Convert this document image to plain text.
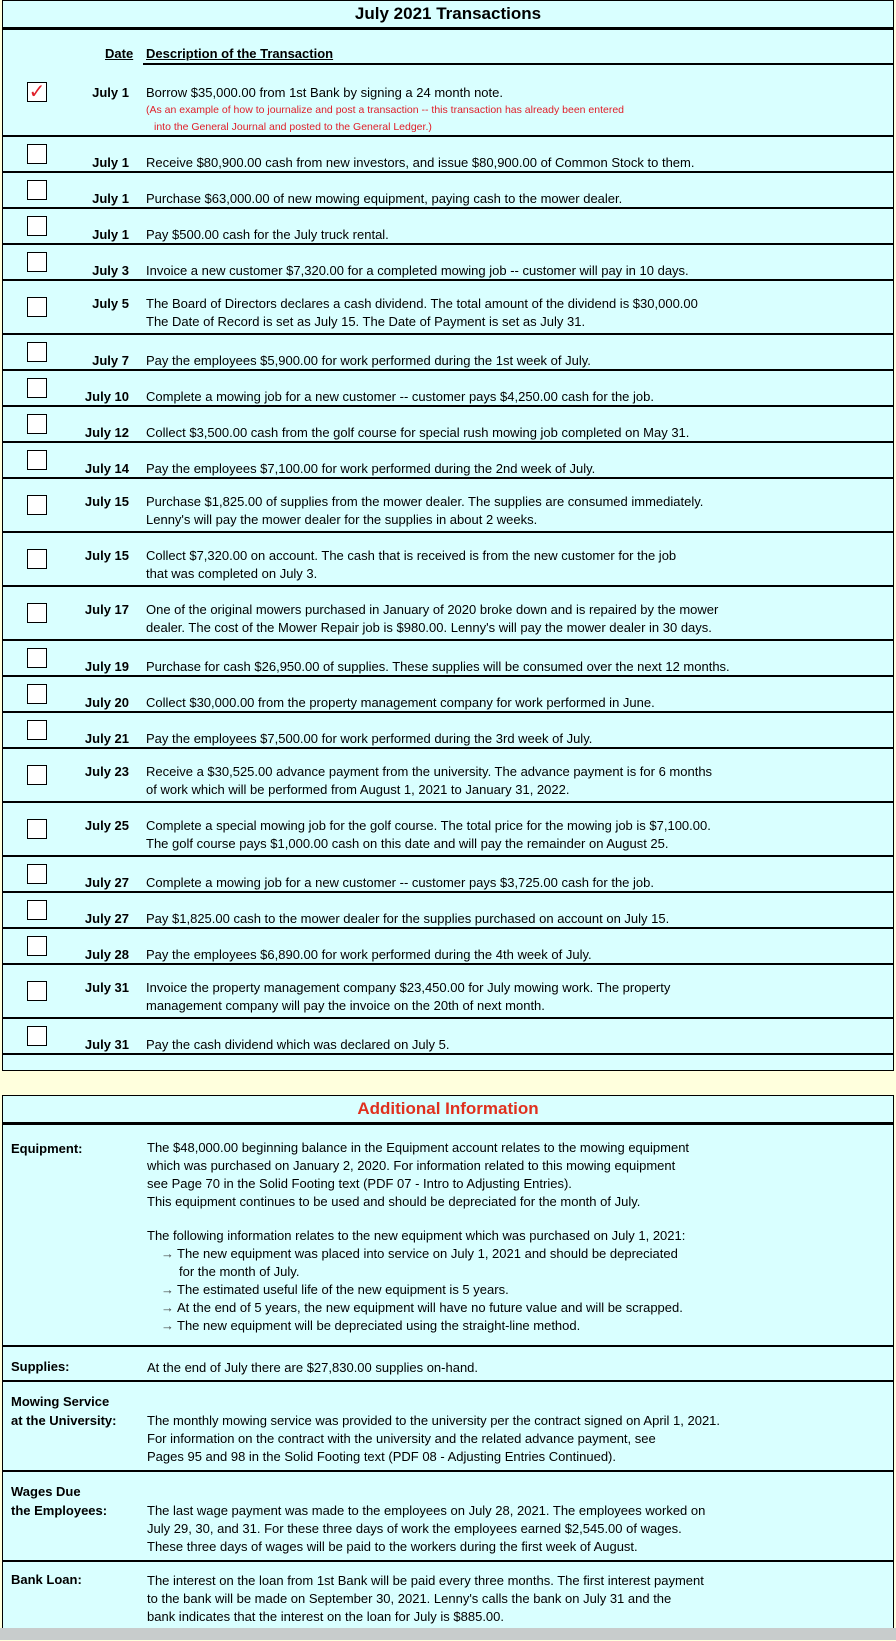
July 2021 Transactions
Date Description of the Transaction
✓	July 1 Borrow $35,000.00 from 1st Bank by signing a 24 month note.
(As an example of how to journalize and post a transaction -- this transaction has already been entered
into the General Journal and posted to the General Ledger.)
July 1 Receive $80,900.00 cash from new investors, and issue $80,900.00 of Common Stock to them.
July 1 Purchase $63,000.00 of new mowing equipment, paying cash to the mower dealer.
July 1 Pay $500.00 cash for the July truck rental.
July 3 Invoice a new customer $7,320.00 for a completed mowing job -- customer will pay in 10 days.
July 5 The Board of Directors declares a cash dividend. The total amount of the dividend is $30,000.00
The Date of Record is set as July 15. The Date of Payment is set as July 31.
July 7 Pay the employees $5,900.00 for work performed during the 1st week of July.
July 10 Complete a mowing job for a new customer -- customer pays $4,250.00 cash for the job.
July 12 Collect $3,500.00 cash from the golf course for special rush mowing job completed on May 31.
July 14 Pay the employees $7,100.00 for work performed during the 2nd week of July.
July 15 Purchase $1,825.00 of supplies from the mower dealer. The supplies are consumed immediately.
Lenny's will pay the mower dealer for the supplies in about 2 weeks.
July 15 Collect $7,320.00 on account. The cash that is received is from the new customer for the job
that was completed on July 3.
July 17 One of the original mowers purchased in January of 2020 broke down and is repaired by the mower
dealer. The cost of the Mower Repair job is $980.00. Lenny's will pay the mower dealer in 30 days.
July 19 Purchase for cash $26,950.00 of supplies. These supplies will be consumed over the next 12 months.
July 20 Collect $30,000.00 from the property management company for work performed in June.
July 21 Pay the employees $7,500.00 for work performed during the 3rd week of July.
July 23 Receive a $30,525.00 advance payment from the university. The advance payment is for 6 months
of work which will be performed from August 1, 2021 to January 31, 2022.
July 25 Complete a special mowing job for the golf course. The total price for the mowing job is $7,100.00.
The golf course pays $1,000.00 cash on this date and will pay the remainder on August 25.
July 27 Complete a mowing job for a new customer -- customer pays $3,725.00 cash for the job.
July 27 Pay $1,825.00 cash to the mower dealer for the supplies purchased on account on July 15.
July 28 Pay the employees $6,890.00 for work performed during the 4th week of July.
July 31 Invoice the property management company $23,450.00 for July mowing work. The property
management company will pay the invoice on the 20th of next month.
July 31 Pay the cash dividend which was declared on July 5.
Additional Information
Equipment:	The $48,000.00 beginning balance in the Equipment account relates to the mowing equipment
which was purchased on January 2, 2020. For information related to this mowing equipment
see Page 70 in the Solid Footing text (PDF 07 - Intro to Adjusting Entries).
This equipment continues to be used and should be depreciated for the month of July.
The following information relates to the new equipment which was purchased on July 1, 2021:
→ The new equipment was placed into service on July 1, 2021 and should be depreciated
for the month of July.
→ The estimated useful life of the new equipment is 5 years.
→ At the end of 5 years, the new equipment will have no future value and will be scrapped.
→ The new equipment will be depreciated using the straight-line method.
Supplies:	At the end of July there are $27,830.00 supplies on-hand.
Mowing Service
at the University: The monthly mowing service was provided to the university per the contract signed on April 1, 2021.
For information on the contract with the university and the related advance payment, see
Pages 95 and 98 in the Solid Footing text (PDF 08 - Adjusting Entries Continued).
Wages Due
the Employees:	The last wage payment was made to the employees on July 28, 2021. The employees worked on
July 29, 30, and 31. For these three days of work the employees earned $2,545.00 of wages.
These three days of wages will be paid to the workers during the first week of August.
Bank Loan:	The interest on the loan from 1st Bank will be paid every three months. The first interest payment
to the bank will be made on September 30, 2021. Lenny's calls the bank on July 31 and the
bank indicates that the interest on the loan for July is $885.00.
